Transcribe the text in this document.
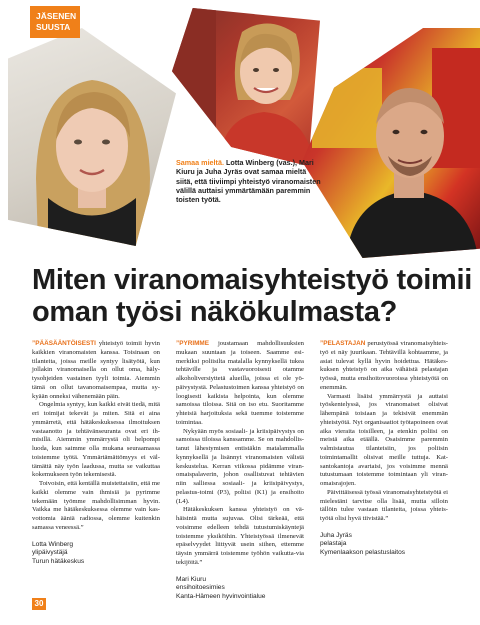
JÄSENEN
SUUSTA
Samaa mieltä. Lotta Winberg (vas.), Mari Kiuru ja Juha Jyräs ovat samaa mieltä siitä, että tiiviimpi yhteistyö viranomaisten välillä auttaisi ymmärtämään paremmin toisten työtä.
Miten viranomaisyhteistyö toimii oman työsi näkökulmasta?

”PÄÄSÄÄNTÖISESTI yhteistyö toimii hyvin kaikkien viranomaisten kanssa. Toisinaan on tilanteita, joissa meille syntyy lisätyötä, kun jollakin viranomaisella on ollut oma, häly-tysohjeiden vastainen tyyli toimia. Aiemmin tämä on ollut tavanomaisempaa, mutta sy-kyään onneksi vähenemään päin.

Ongelmia syntyy, kun kaikki eivät tiedä, mitä eri toimijat tekevät ja miten. Sitä ei aina ymmärretä, että hätäkeskuksessa ilmoituksen vastaanotto ja tehtävänseuranta ovat eri ih-misillä. Aiemmin ymmärrystä oli helpompi luoda, kun saimme olla mukana seuraamassa toistemme työtä. Ymmärtämättömyys ei väl-tämättä näy työn laadussa, mutta se vaikuttaa kokemukseen työn tekemisestä.

Toivoisin, että kentällä muistettaisiin, että me kaikki olemme vain ihmisiä ja pyrimme tekemään työmme mahdollisimman hyvin. Vaikka me hätäkeskuksessa olemme vain kas-vottomia ääniä radiossa, olemme kuitenkin samassa veneessä.”

Lotta Winberg
ylipäivystäjä
Turun hätäkeskus

”PYRIMME joustamaan mahdollisuuksien mukaan suuntaan ja toiseen. Saamme esi-merkiksi poliisilta matalalla kynnyksellä tukea tehtäville ja vastavuoroisesti otamme alkoholiversiyttetä alueilla, joissa ei ole yö-päivystystä. Pelastustoimen kanssa yhteistyö on loogisesti kaikista helpointa, kun olemme samoissa tiloissa. Sitä on iso etu. Suoritamme yhteisiä harjoituksia sekä tuemme toistemme toimintaa.

Nykyään myös sosiaali- ja kriisipäivystys on samoissa tiloissa kanssamme. Se on mahdollis-tanut lähestymisen entistäkin matalammalla kynnyksellä ja lisännyt viranomaisten välistä keskustelua. Kerran viikossa pidämme viran-omaispalaverin, johon osallistuvat tehtävien niin salliessa sosiaali- ja kriisipäivystys, pelastus-toimi (P3), poliisi (K1) ja ensihoito (L4).

Hätäkeskuksen kanssa yhteistyö on vä-häisintä mutta sujuvaa. Olisi tärkeää, että voisimme edelleen tehdä tutustumiskäyntejä toistemme yksiköihin. Yhteistyössä ilmenevät epäselvyydet liittyvät usein siihen, ettemme täysin ymmärrä toistemme työhön vaikutta-via tekijöitä.”

Mari Kiuru
ensihoitoesimies
Kanta-Hämeen hyvinvointialue

”PELASTAJAN perustyössä viranomaisyhteis-työ ei näy juurikaan. Tehtävillä kohtaamme, ja asiat tulevat kyllä hyvin hoidettua. Hätäkes-kuksen yhteistyö on aika vähäistä pelastajan työssä, mutta ensihoitovuoroissa yhteistyötä on enemmän.

Varmasti lisäisi ymmärrystä ja auttaisi työskentelyssä, jos viranomaiset olisivat lähempänä toisiaan ja tekisivät enemmän yhteistyötä. Nyt organisaatiot työtapoineen ovat aika vieraita toisilleen, ja etenkin poliisi on meistä aika etäällä. Osaisimme paremmin valmistautua tilanteisiin, jos poliisin toimintamallit olisivat meille tuttuja. Kat-santokantoja avartaisi, jos voisimme mennä tutustumaan toistemme toimintaan yli viran-omaisrajojen.

Päivittäisessä työssä viranomaisyhteistyötä ei mielestäni tarvitse olla lisää, mutta silloin tällöin tulee vastaan tilanteita, joissa yhteis-työtä olisi hyvä tiivistää.”

Juha Jyräs
pelastaja
Kymenlaakson pelastuslaitos

30
